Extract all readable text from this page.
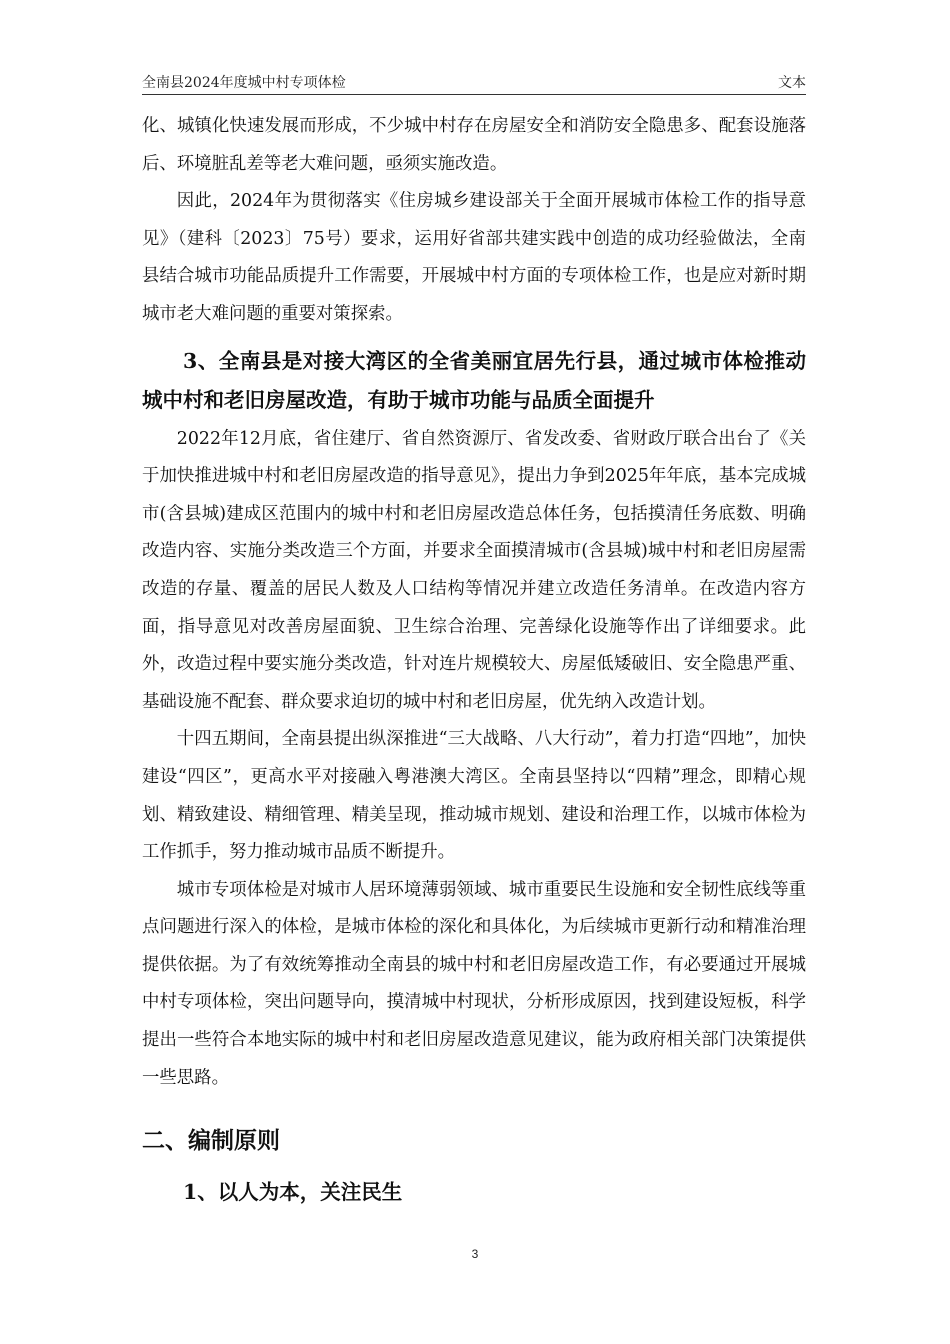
全南县2024年度城中村专项体检	文本

化、城镇化快速发展而形成，不少城中村存在房屋安全和消防安全隐患多、配套设施落后、环境脏乱差等老大难问题，亟须实施改造。

因此，2024年为贯彻落实《住房城乡建设部关于全面开展城市体检工作的指导意见》（建科〔2023〕75号）要求，运用好省部共建实践中创造的成功经验做法，全南县结合城市功能品质提升工作需要，开展城中村方面的专项体检工作，也是应对新时期城市老大难问题的重要对策探索。

3、全南县是对接大湾区的全省美丽宜居先行县，通过城市体检推动城中村和老旧房屋改造，有助于城市功能与品质全面提升

2022年12月底，省住建厅、省自然资源厅、省发改委、省财政厅联合出台了《关于加快推进城中村和老旧房屋改造的指导意见》，提出力争到2025年年底，基本完成城市(含县城)建成区范围内的城中村和老旧房屋改造总体任务，包括摸清任务底数、明确改造内容、实施分类改造三个方面，并要求全面摸清城市(含县城)城中村和老旧房屋需改造的存量、覆盖的居民人数及人口结构等情况并建立改造任务清单。在改造内容方面，指导意见对改善房屋面貌、卫生综合治理、完善绿化设施等作出了详细要求。此外，改造过程中要实施分类改造，针对连片规模较大、房屋低矮破旧、安全隐患严重、基础设施不配套、群众要求迫切的城中村和老旧房屋，优先纳入改造计划。

十四五期间，全南县提出纵深推进“三大战略、八大行动”，着力打造“四地”，加快建设“四区”，更高水平对接融入粤港澳大湾区。全南县坚持以“四精”理念，即精心规划、精致建设、精细管理、精美呈现，推动城市规划、建设和治理工作，以城市体检为工作抓手，努力推动城市品质不断提升。

城市专项体检是对城市人居环境薄弱领域、城市重要民生设施和安全韧性底线等重点问题进行深入的体检，是城市体检的深化和具体化，为后续城市更新行动和精准治理提供依据。为了有效统筹推动全南县的城中村和老旧房屋改造工作，有必要通过开展城中村专项体检，突出问题导向，摸清城中村现状，分析形成原因，找到建设短板，科学提出一些符合本地实际的城中村和老旧房屋改造意见建议，能为政府相关部门决策提供一些思路。

二、编制原则
1、以人为本，关注民生
3
